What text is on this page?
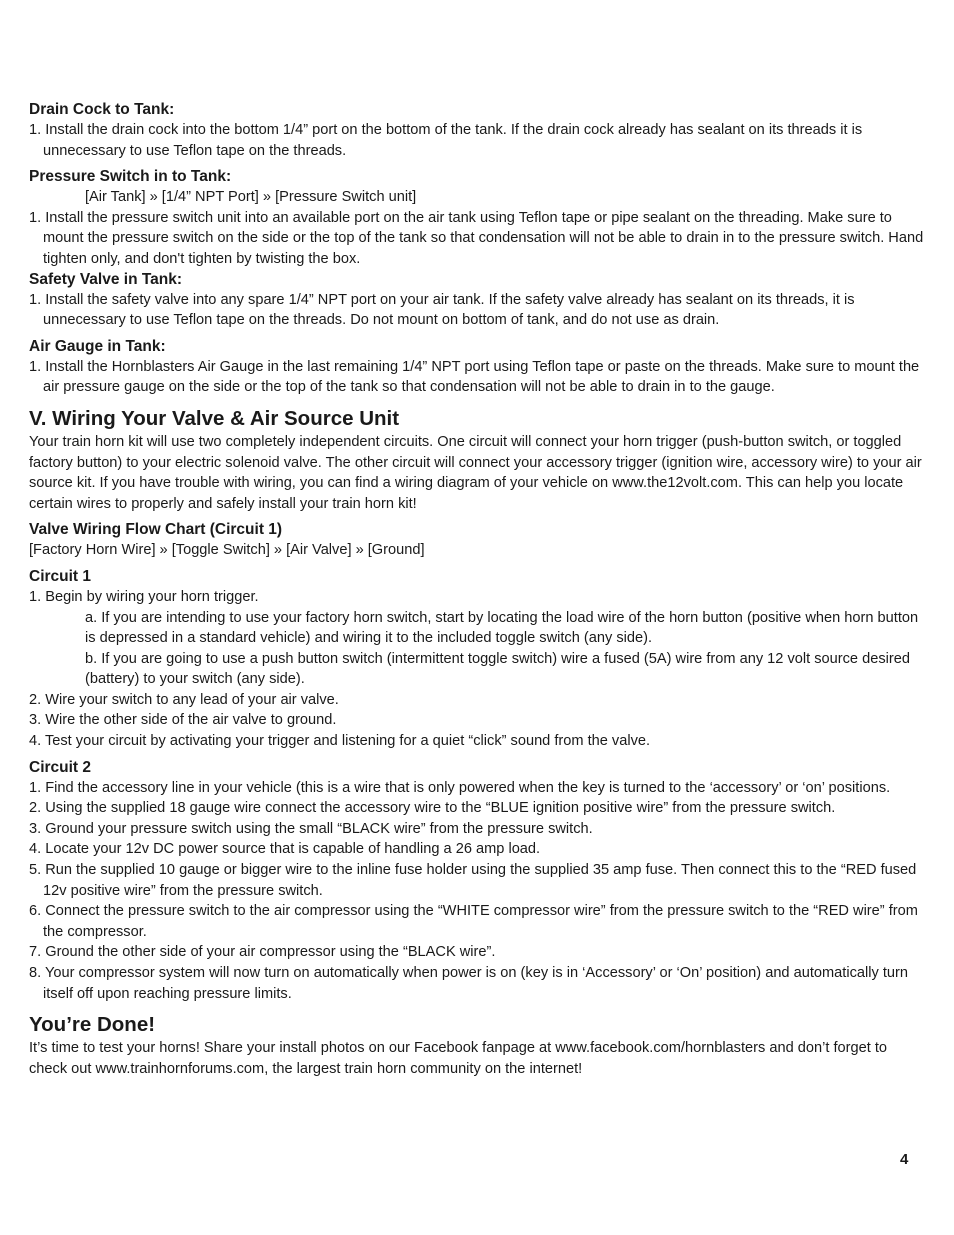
Drain Cock to Tank:

1. Install the drain cock into the bottom 1/4” port on the bottom of the tank. If the drain cock already has sealant on its threads it is unnecessary to use Teflon tape on the threads.

Pressure Switch in to Tank:

[Air Tank] » [1/4” NPT Port] » [Pressure Switch unit]

1. Install the pressure switch unit into an available port on the air tank using Teflon tape or pipe sealant on the threading. Make sure to mount the pressure switch on the side or the top of the tank so that condensation will not be able to drain in to the pressure switch. Hand tighten only, and don't tighten by twisting the box.

Safety Valve in Tank:

1. Install the safety valve into any spare 1/4” NPT port on your air tank. If the safety valve already has sealant on its threads, it is unnecessary to use Teflon tape on the threads. Do not mount on bottom of tank, and do not use as drain.

Air Gauge in Tank:

1. Install the Hornblasters Air Gauge in the last remaining 1/4” NPT port using Teflon tape or paste on the threads. Make sure to mount the air pressure gauge on the side or the top of the tank so that condensation will not be able to drain in to the gauge.

V. Wiring Your Valve & Air Source Unit

Your train horn kit will use two completely independent circuits. One circuit will connect your horn trigger (push-button switch, or toggled factory button) to your electric solenoid valve. The other circuit will connect your accessory trigger (ignition wire, accessory wire) to your air source kit. If you have trouble with wiring, you can find a wiring diagram of your vehicle on www.the12volt.com. This can help you locate certain wires to properly and safely install your train horn kit!

Valve Wiring Flow Chart (Circuit 1)

[Factory Horn Wire] » [Toggle Switch] » [Air Valve] » [Ground]

Circuit 1

1. Begin by wiring your horn trigger.

a. If you are intending to use your factory horn switch, start by locating the load wire of the horn button (positive when horn button is depressed in a standard vehicle) and wiring it to the included toggle switch (any side).

b. If you are going to use a push button switch (intermittent toggle switch) wire a fused (5A) wire from any 12 volt source desired (battery) to your switch (any side).

2. Wire your switch to any lead of your air valve.

3. Wire the other side of the air valve to ground.

4. Test your circuit by activating your trigger and listening for a quiet “click” sound from the valve.

Circuit 2

1. Find the accessory line in your vehicle (this is a wire that is only powered when the key is turned to the ‘accessory’ or ‘on’ positions.

2. Using the supplied 18 gauge wire connect the accessory wire to the “BLUE ignition positive wire” from the pressure switch.

3. Ground your pressure switch using the small “BLACK wire” from the pressure switch.

4. Locate your 12v DC power source that is capable of handling a 26 amp load.

5. Run the supplied 10 gauge or bigger wire to the inline fuse holder using the supplied 35 amp fuse. Then connect this to the “RED fused 12v positive wire” from the pressure switch.

6. Connect the pressure switch to the air compressor using the “WHITE compressor wire” from the pressure switch to the “RED wire” from the compressor.

7. Ground the other side of your air compressor using the “BLACK wire”.

8. Your compressor system will now turn on automatically when power is on (key is in ‘Accessory’ or ‘On’ position) and automatically turn itself off upon reaching pressure limits.

You’re Done!

It’s time to test your horns! Share your install photos on our Facebook fanpage at www.facebook.com/hornblasters and don’t forget to check out www.trainhornforums.com, the largest train horn community on the internet!

4
